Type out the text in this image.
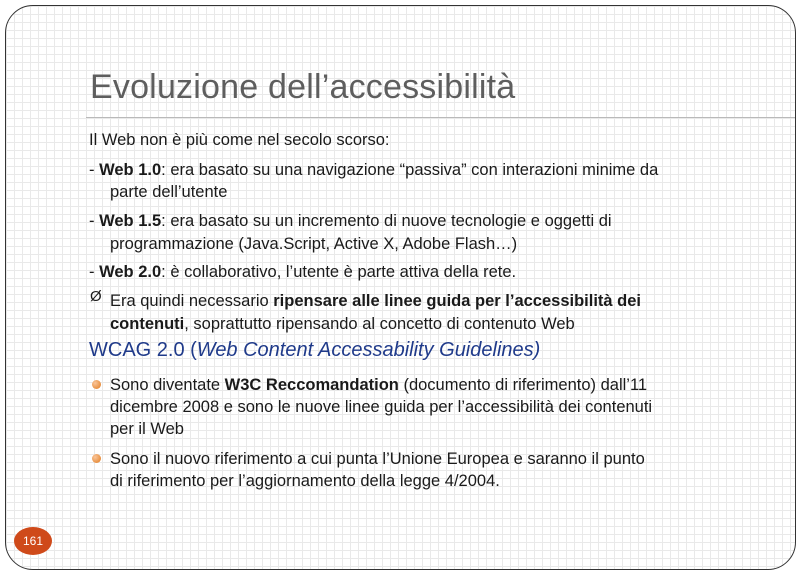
Evoluzione dell’accessibilità
Il Web non è più come nel secolo scorso:
- Web 1.0: era basato su una navigazione “passiva” con interazioni minime da
parte dell’utente
- Web 1.5: era basato su un incremento di nuove tecnologie e oggetti di
programmazione (Java.Script, Active X, Adobe Flash…)
- Web 2.0: è collaborativo, l’utente è parte attiva della rete.
Ø Era quindi necessario ripensare alle linee guida per l’accessibilità dei
contenuti, soprattutto ripensando al concetto di contenuto Web
WCAG 2.0 (Web Content Accessability Guidelines)
Sono diventate W3C Reccomandation (documento di riferimento) dall’11
dicembre 2008 e sono le nuove linee guida per l’accessibilità dei contenuti
per il Web
Sono il nuovo riferimento a cui punta l’Unione Europea e saranno il punto
di riferimento per l’aggiornamento della legge 4/2004.
161
